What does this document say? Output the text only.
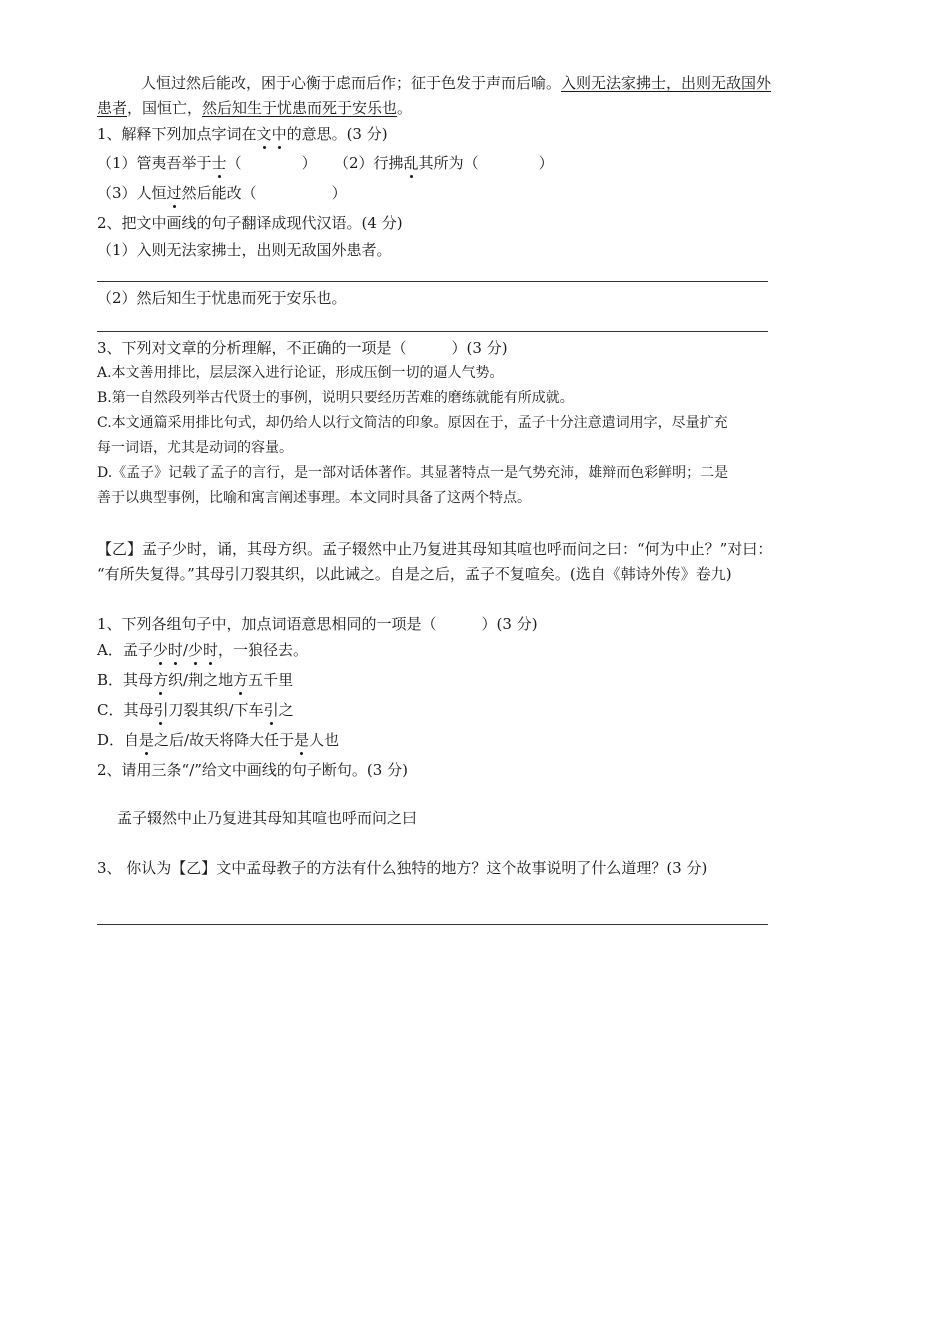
人恒过然后能改，困于心衡于虑而后作；征于色发于声而后喻。入则无法家拂士，出则无敌国外
患者，国恒亡，然后知生于忧患而死于安乐也。
1、解释下列加点字词在文中的意思。(3 分)
（1）管夷吾举于士（　　　　） （2）行拂乱其所为（　　　　）
（3）人恒过然后能改（　　　　　）
2、把文中画线的句子翻译成现代汉语。(4 分)
（1）入则无法家拂士，出则无敌国外患者。
（2）然后知生于忧患而死于安乐也。
3、下列对文章的分析理解，不正确的一项是（　　　）(3 分)
A.本文善用排比，层层深入进行论证，形成压倒一切的逼人气势。
B.第一自然段列举古代贤士的事例，说明只要经历苦难的磨练就能有所成就。
C.本文通篇采用排比句式，却仍给人以行文简洁的印象。原因在于，孟子十分注意遣词用字，尽量扩充
每一词语，尤其是动词的容量。
D.《孟子》记载了孟子的言行，是一部对话体著作。其显著特点一是气势充沛，雄辩而色彩鲜明；二是
善于以典型事例，比喻和寓言阐述事理。本文同时具备了这两个特点。
【乙】孟子少时，诵，其母方织。孟子辍然中止乃复进其母知其喧也呼而问之曰：“何为中止？”对曰：
“有所失复得。”其母引刀裂其织，以此诫之。自是之后，孟子不复喧矣。(选自《韩诗外传》卷九)
1、下列各组句子中，加点词语意思相同的一项是（　　　）(3 分)
A．孟子少时/少时，一狼径去。
B．其母方织/荆之地方五千里
C．其母引刀裂其织/下车引之
D．自是之后/故天将降大任于是人也
2、请用三条“/”给文中画线的句子断句。(3 分)
孟子辍然中止乃复进其母知其喧也呼而问之曰
3、 你认为【乙】文中孟母教子的方法有什么独特的地方？这个故事说明了什么道理？(3 分)
